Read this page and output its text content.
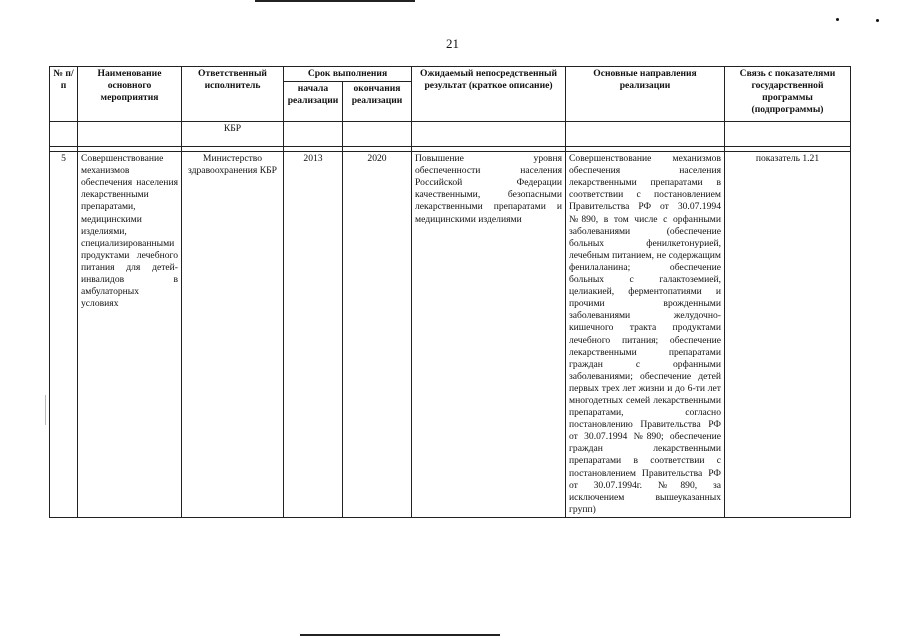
21
№ п/п	Наименование основного мероприятия	Ответственный исполнитель	Срок выполнения		Ожидаемый непосредственный результат (краткое описание)	Основные направления реализации	Связь с показателями государственной программы (подпрограммы)
			начала реализации	окончания реализации			
		КБР					

5	Совершенствование механизмов обеспечения населения лекарственными препаратами, медицинскими изделиями, специализированными продуктами лечебного питания для детей-инвалидов в амбулаторных условиях	Министерство здравоохранения КБР	2013	2020	Повышение уровня обеспеченности населения Российской Федерации качественными, безопасными лекарственными препаратами и медицинскими изделиями	Совершенствование механизмов обеспечения населения лекарственными препаратами в соответствии с постановлением Правительства РФ от 30.07.1994 №890, в том числе с орфанными заболеваниями (обеспечение больных фенилкетонурией, лечебным питанием, не содержащим фенилаланина; обеспечение больных с галактоземией, целиакией, ферментопатиями и прочими врожденными заболеваниями желудочно-кишечного тракта продуктами лечебного питания; обеспечение лекарственными препаратами граждан с орфанными заболеваниями; обеспечение детей первых трех лет жизни и до 6-ти лет многодетных семей лекарственными препаратами, согласно постановлению Правительства РФ от 30.07.1994 №890; обеспечение граждан лекарственными препаратами в соответствии с постановлением Правительства РФ от 30.07.1994г. №890, за исключением вышеуказанных групп)	показатель 1.21
